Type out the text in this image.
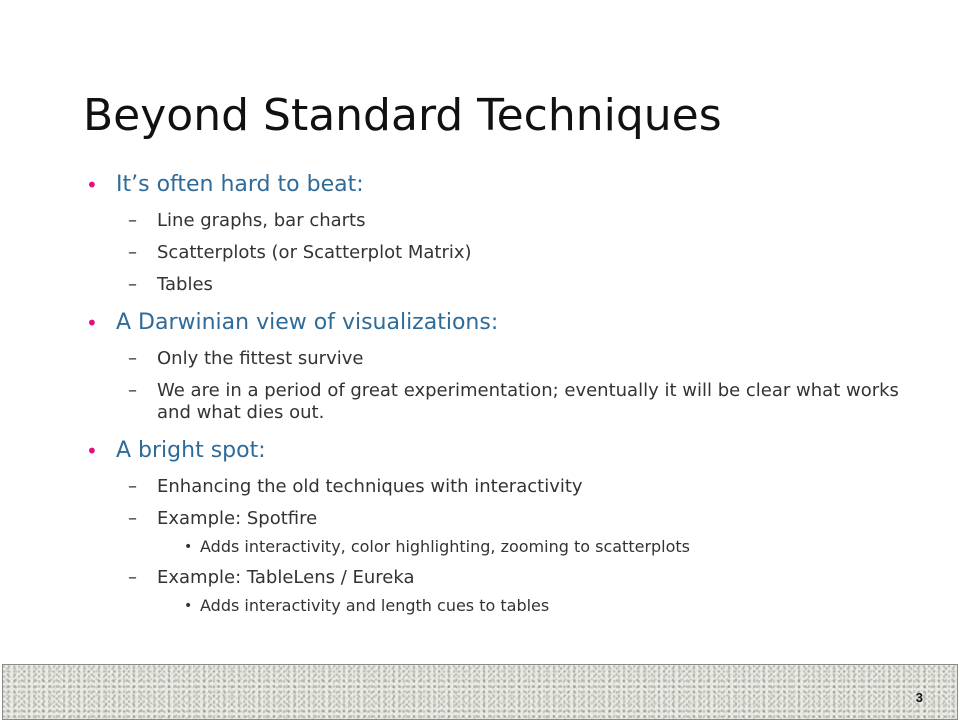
Beyond Standard Techniques
• It’s often hard to beat:
– Line graphs, bar charts
– Scatterplots (or Scatterplot Matrix)
– Tables
• A Darwinian view of visualizations:
– Only the fittest survive
– We are in a period of great experimentation; eventually it will be clear what works and what dies out.
• A bright spot:
– Enhancing the old techniques with interactivity
– Example: Spotfire
• Adds interactivity, color highlighting, zooming to scatterplots
– Example: TableLens / Eureka
• Adds interactivity and length cues to tables
3
